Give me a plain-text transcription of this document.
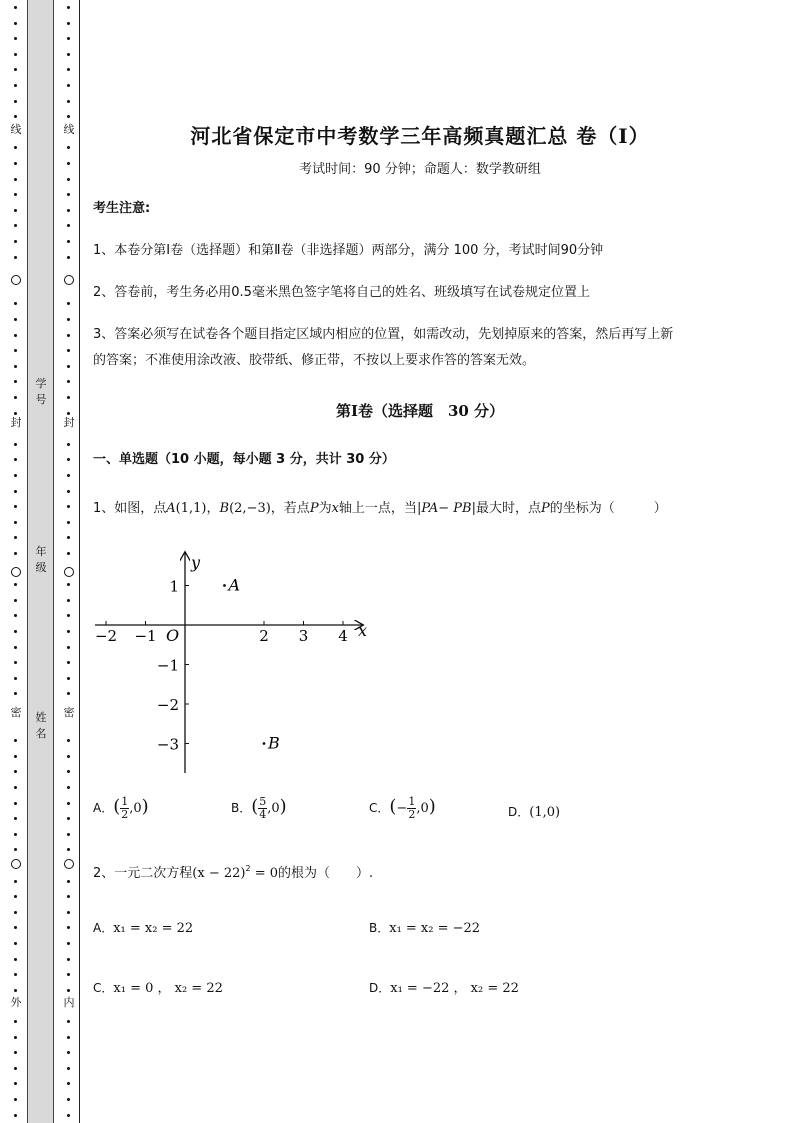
线
封
密
外
线
封
密
内
学
号
年
级
姓
名
河北省保定市中考数学三年高频真题汇总 卷（Ⅰ）
考试时间：90 分钟；命题人：数学教研组
考生注意:
1、本卷分第Ⅰ卷（选择题）和第Ⅱ卷（非选择题）两部分，满分 100 分，考试时间90分钟
2、答卷前，考生务必用0.5毫米黑色签字笔将自己的姓名、班级填写在试卷规定位置上
3、答案必须写在试卷各个题目指定区域内相应的位置，如需改动，先划掉原来的答案，然后再写上新
的答案；不准使用涂改液、胶带纸、修正带，不按以上要求作答的答案无效。
第Ⅰ卷（选择题　30 分）
一、单选题（10 小题，每小题 3 分，共计 30 分）
1、如图，点A(1,1)，B(2,−3)，若点P为x轴上一点，当|PA− PB|最大时，点P的坐标为（　　　）
−2 −1	2 3 4
1
−1
−2
−3
x
y
O
A
B
A．( $\frac{1}{2} ,0$)	B．( $\frac{5}{4} ,0$)	C．(− $\frac{1}{2} ,0$)	D．(1,0)
2、一元二次方程$(x - 22)^2 = 0$的根为（　　）.
A．x₁ = x₂ = 22	B．x₁ = x₂ = −22
C．x₁ = 0 ， x₂ = 22	D．x₁ = −22 ， x₂ = 22
